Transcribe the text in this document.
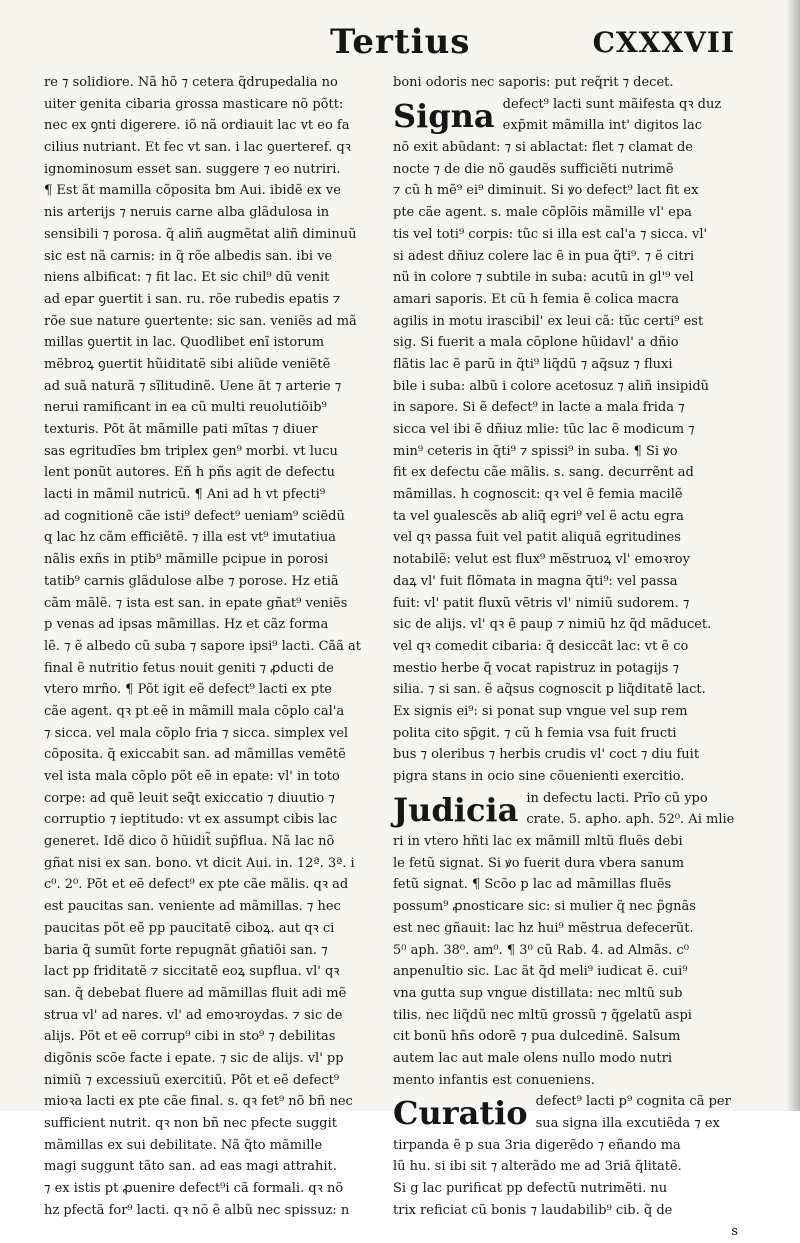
Tertius	CXXXVII
re ⁊ solidiore. Nã hõ ⁊ cetera q̃drupedalia no
uiter genita cibaria grossa masticare nõ põtt:
nec ex ꝯnti digerere. iõ nã ordiauit lac vt eo fa
cilius nutriant. Et fec vt san. i lac ꝯuerteref. qꝛ
ignominosum esset san. suggere ⁊ eo nutriri.
¶ Est ãt mamilla cõposita bm Aui. ibidẽ ex ve
nis arterijs ⁊ neruis carne alba glãdulosa in
sensibili ⁊ porosa. q̃ aliñ augmẽtat aliñ diminuũ
sic est nã carnis: in q̃ rõe albedis san. ibi ve
niens albificat: ⁊ fit lac. Et sic chil⁹ dũ venit
ad epar ꝯuertit i san. ru. rõe rubedis epatis ⁊
rõe sue nature ꝯuertente: sic san. veniẽs ad mã
millas ꝯuertit in lac. Quodlibet enĩ istorum
mẽbroꝝ ꝯuertit hũiditatẽ sibi aliũde veniẽtẽ
ad suã naturã ⁊ sĩlitudinẽ. Uene ãt ⁊ arterie ⁊
nerui ramificant in ea cũ multi reuolutiõib⁹
texturis. Põt ãt mãmille pati mĩtas ⁊ diuer
sas egritudĩes bm triplex gen⁹ morbi. vt lucu
lent ponũt autores. Eñ h pñs agit de defectu
lacti in mãmil nutricũ. ¶ Ani ad h vt pfecti⁹
ad cognitionẽ cãe isti⁹ defect⁹ ueniam⁹ sciẽdũ
q lac hz cãm efficiẽtẽ. ⁊ illa est vt⁹ imutatiua
nãlis exñs in ptib⁹ mãmille pcipue in porosi
tatib⁹ carnis glãdulose albe ⁊ porose. Hz etiã
cãm mãlẽ. ⁊ ista est san. in epate gñat⁹ veniẽs
p venas ad ipsas mãmillas. Hz et cãz forma
lẽ. ⁊ ẽ albedo cũ suba ⁊ sapore ipsi⁹ lacti. Cãã at
final ẽ nutritio fetus nouit geniti ⁊ ꝓducti de
vtero mrño. ¶ Põt igit eẽ defect⁹ lacti ex pte
cãe agent. qꝛ pt eẽ in mãmill mala cõplo cal'a
⁊ sicca. vel mala cõplo fria ⁊ sicca. simplex vel
cõposita. q̃ exiccabit san. ad mãmillas vemẽtẽ
vel ista mala cõplo põt eẽ in epate: vl' in toto
corpe: ad quẽ leuit seq̃t exiccatio ⁊ diuutio ⁊
corruptio ⁊ ieptitudo: vt ex assumpt cibis lac
generet. Idẽ dico õ hũidit̃ sup̃flua. Nã lac nõ
gñat nisi ex san. bono. vt dicit Aui. in. 12ª. 3ª. i
c⁰. 2⁰. Põt et eẽ defect⁹ ex pte cãe mãlis. qꝛ ad
est paucitas san. veniente ad mãmillas. ⁊ hec
paucitas põt eẽ pp paucitatẽ ciboꝝ. aut qꝛ ci
baria q̃ sumũt forte repugnãt gñatiõi san. ⁊
lact pp friditatẽ ⁊ siccitatẽ eoꝝ supflua. vl' qꝛ
san. q̃ debebat fluere ad mãmillas fluit adi mẽ
strua vl' ad nares. vl' ad emoꝛroydas. ⁊ sic de
alijs. Põt et eẽ corrup⁹ cibi in sto⁹ ⁊ debilitas
digõnis scõe facte i epate. ⁊ sic de alijs. vl' pp
nimiũ ⁊ excessiuũ exercitiũ. Põt et eẽ defect⁹
mioꝛa lacti ex pte cãe final. s. qꝛ fet⁹ nõ bñ nec
sufficient nutrit. qꝛ non bñ nec pfecte suggit
mãmillas ex sui debilitate. Nã q̃to mãmille
magi suggunt tãto san. ad eas magi attrahit.
⁊ ex istis pt ꝓuenire defect⁹i cã formali. qꝛ nõ
hz pfectã for⁹ lacti. qꝛ nõ ẽ albũ nec spissuz: n
boni odoris nec saporis: put req̃rit ⁊ decet.
Signa defect⁹ lacti sunt mãifesta qꝛ duz
exp̃mit mãmilla int' digitos lac
nõ exit abũdant: ⁊ si ablactat: flet ⁊ clamat de
nocte ⁊ de die nõ gaudẽs sufficiẽti nutrimẽ
⁊ cũ h mẽ⁹ ei⁹ diminuit. Si ꝟo defect⁹ lact fit ex
pte cãe agent. s. male cõplõis mãmille vl' epa
tis vel toti⁹ corpis: tũc si illa est cal'a ⁊ sicca. vl'
si adest dñiuz colere lac ẽ in pua q̃ti⁹. ⁊ ẽ citri
nũ in colore ⁊ subtile in suba: acutũ in gl'⁹ vel
amari saporis. Et cũ h femia ẽ colica macra
agilis in motu irascibil' ex leui cã: tũc certi⁹ est
sig. Si fuerit a mala cõplone hũidavl' a dñio
flãtis lac ẽ parũ in q̃ti⁹ liq̃dũ ⁊ aq̃suz ⁊ fluxi
bile i suba: albũ i colore acetosuz ⁊ aliñ insipidũ
in sapore. Si ẽ defect⁹ in lacte a mala frida ⁊
sicca vel ibi ẽ dñiuz mlie: tũc lac ẽ modicum ⁊
min⁹ ceteris in q̃ti⁹ ⁊ spissi⁹ in suba. ¶ Si ꝟo
fit ex defectu cãe mãlis. s. sang. decurrẽnt ad
mãmillas. h cognoscit: qꝛ vel ẽ femia macilẽ
ta vel ꝯualescẽs ab aliq̃ egri⁹ vel ẽ actu egra
vel qꝛ passa fuit vel patit aliquã egritudines
notabilẽ: velut est flux⁹ mẽstruoꝝ vl' emoꝛroy
daꝝ vl' fuit flõmata in magna q̃ti⁹: vel passa
fuit: vl' patit fluxũ vẽtris vl' nimiũ sudorem. ⁊
sic de alijs. vl' qꝛ ẽ paup ⁊ nimiũ hz q̃d mãducet.
vel qꝛ comedit cibaria: q̃ desiccãt lac: vt ẽ co
mestio herbe q̃ vocat rapistruz in potagijs ⁊
silia. ⁊ si san. ẽ aq̃sus cognoscit p liq̃ditatẽ lact.
Ex signis ei⁹: si ponat sup vngue vel sup rem
polita cito sp̃git. ⁊ cũ h femia vsa fuit fructi
bus ⁊ oleribus ⁊ herbis crudis vl' coct ⁊ diu fuit
pigra stans in ocio sine cõuenienti exercitio.
Judicia in defectu lacti. Prĩo cũ ypo
crate. 5. apho. aph. 52⁰. Ai mlie
ri in vtero hñti lac ex mãmill mltũ fluẽs debi
le fetũ signat. Si ꝟo fuerit dura vbera sanum
fetũ signat. ¶ Scõo p lac ad mãmillas fluẽs
possum⁹ ꝓnosticare sic: si mulier q̃ nec p̃gnãs
est nec gñauit: lac hz hui⁹ mẽstrua defecerũt.
5⁰ aph. 38⁰. am⁰. ¶ 3⁰ cũ Rab. 4. ad Almãs. c⁰
anpenultio sic. Lac ãt q̃d meli⁹ iudicat ẽ. cui⁹
vna gutta sup vngue distillata: nec mltũ sub
tilis. nec liq̃dũ nec mltũ grossũ ⁊ q̃gelatũ aspi
cit bonũ hñs odorẽ ⁊ pua dulcedinẽ. Salsum
autem lac aut male olens nullo modo nutri
mento infantis est conueniens.
Curatio defect⁹ lacti p⁹ cognita cã per
sua signa illa excutiẽda ⁊ ex
tirpanda ẽ p sua 3ria digerẽdo ⁊ eñando ma
lũ hu. si ibi sit ⁊ alterãdo me ad 3riã q̃litatẽ.
Si g lac purificat pp defectũ nutrimẽti. nu
trix reficiat cũ bonis ⁊ laudabilib⁹ cib. q̃ de
s
